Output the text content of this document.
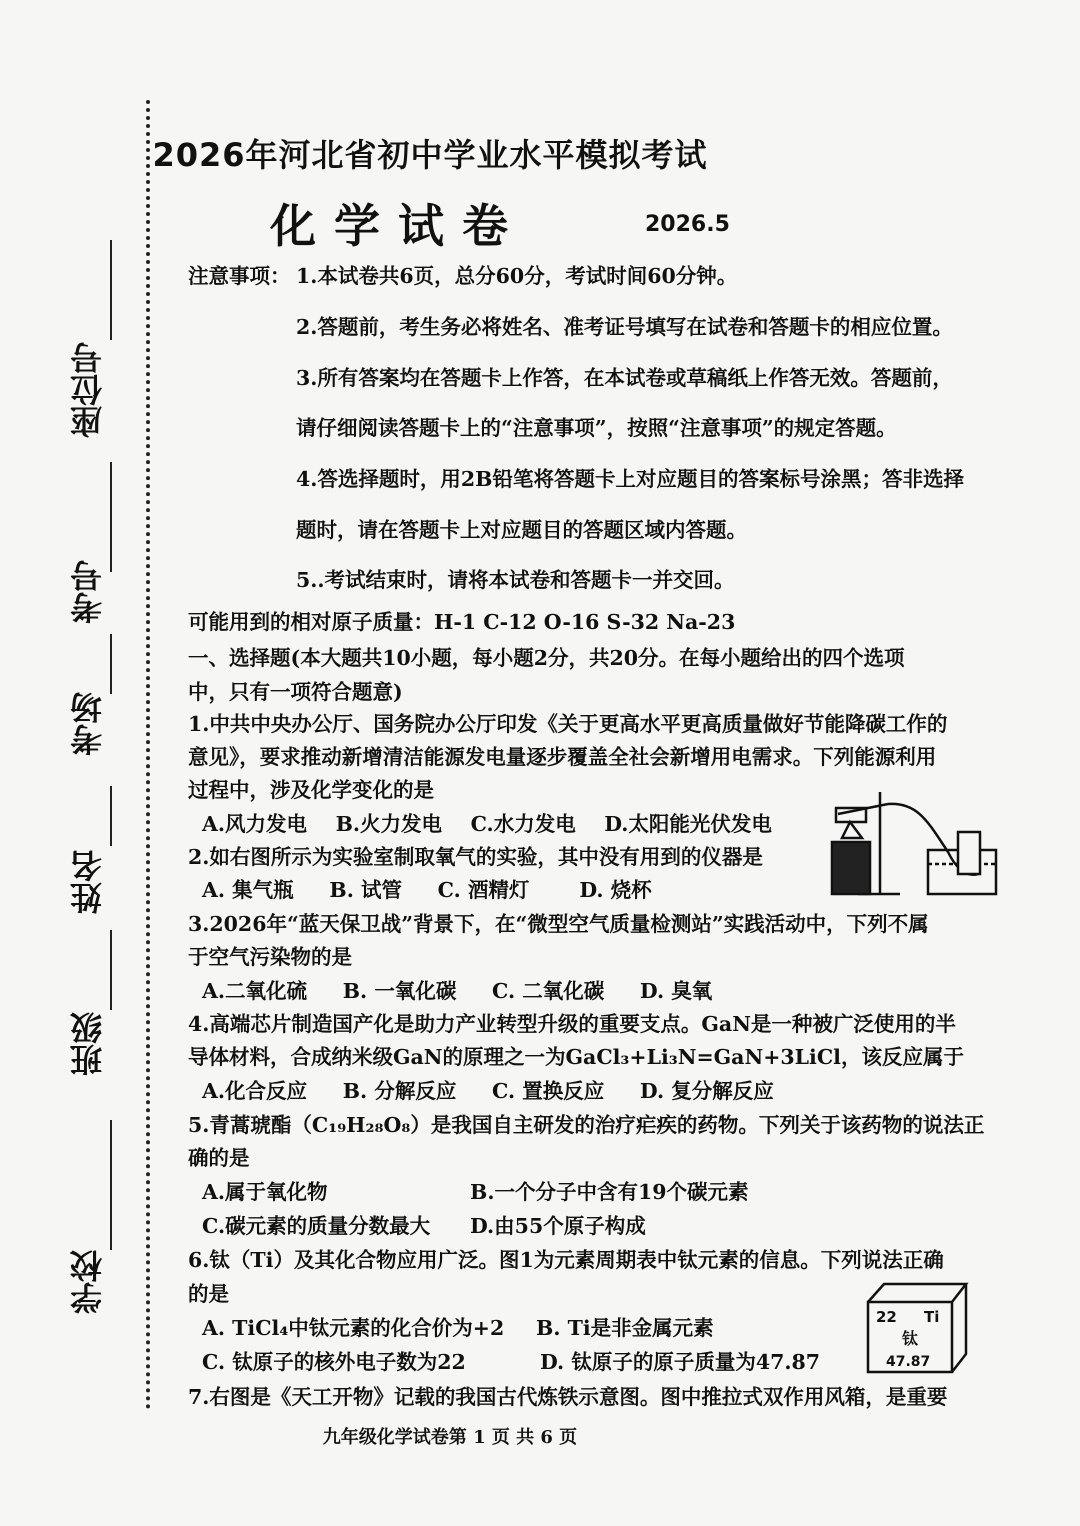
座位号
考号
考场
姓名
班级
学校
2026年河北省初中学业水平模拟考试
化学试卷	2026.5
注意事项： 1.本试卷共6页，总分60分，考试时间60分钟。
2.答题前，考生务必将姓名、准考证号填写在试卷和答题卡的相应位置。
3.所有答案均在答题卡上作答，在本试卷或草稿纸上作答无效。答题前，
请仔细阅读答题卡上的“注意事项”，按照“注意事项”的规定答题。
4.答选择题时，用2B铅笔将答题卡上对应题目的答案标号涂黑；答非选择
题时，请在答题卡上对应题目的答题区域内答题。
5..考试结束时，请将本试卷和答题卡一并交回。
可能用到的相对原子质量：H-1 C-12 O-16 S-32 Na-23
一、选择题(本大题共10小题，每小题2分，共20分。在每小题给出的四个选项
中，只有一项符合题意)
1.中共中央办公厅、国务院办公厅印发《关于更高水平更高质量做好节能降碳工作的
意见》，要求推动新增清洁能源发电量逐步覆盖全社会新增用电需求。下列能源利用
过程中，涉及化学变化的是
A.风力发电    B.火力发电    C.水力发电    D.太阳能光伏发电
2.如右图所示为实验室制取氧气的实验，其中没有用到的仪器是
A. 集气瓶     B. 试管     C. 酒精灯       D. 烧杯
3.2026年“蓝天保卫战”背景下，在“微型空气质量检测站”实践活动中，下列不属
于空气污染物的是
A.二氧化硫     B. 一氧化碳     C. 二氧化碳     D. 臭氧
4.高端芯片制造国产化是助力产业转型升级的重要支点。GaN是一种被广泛使用的半
导体材料，合成纳米级GaN的原理之一为GaCl₃+Li₃N=GaN+3LiCl，该反应属于
A.化合反应     B. 分解反应     C. 置换反应     D. 复分解反应
5.青蒿琥酯（C₁₉H₂₈O₈）是我国自主研发的治疗疟疾的药物。下列关于该药物的说法正
确的是
A.属于氧化物	B.一个分子中含有19个碳元素
C.碳元素的质量分数最大 D.由55个原子构成
6.钛（Ti）及其化合物应用广泛。图1为元素周期表中钛元素的信息。下列说法正确
的是
A. TiCl₄中钛元素的化合价为+2 B. Ti是非金属元素
C. 钛原子的核外电子数为22	D. 钛原子的原子质量为47.87
22 Ti
钛
47.87
7.右图是《天工开物》记载的我国古代炼铁示意图。图中推拉式双作用风箱，是重要
九年级化学试卷第 1 页 共 6 页
